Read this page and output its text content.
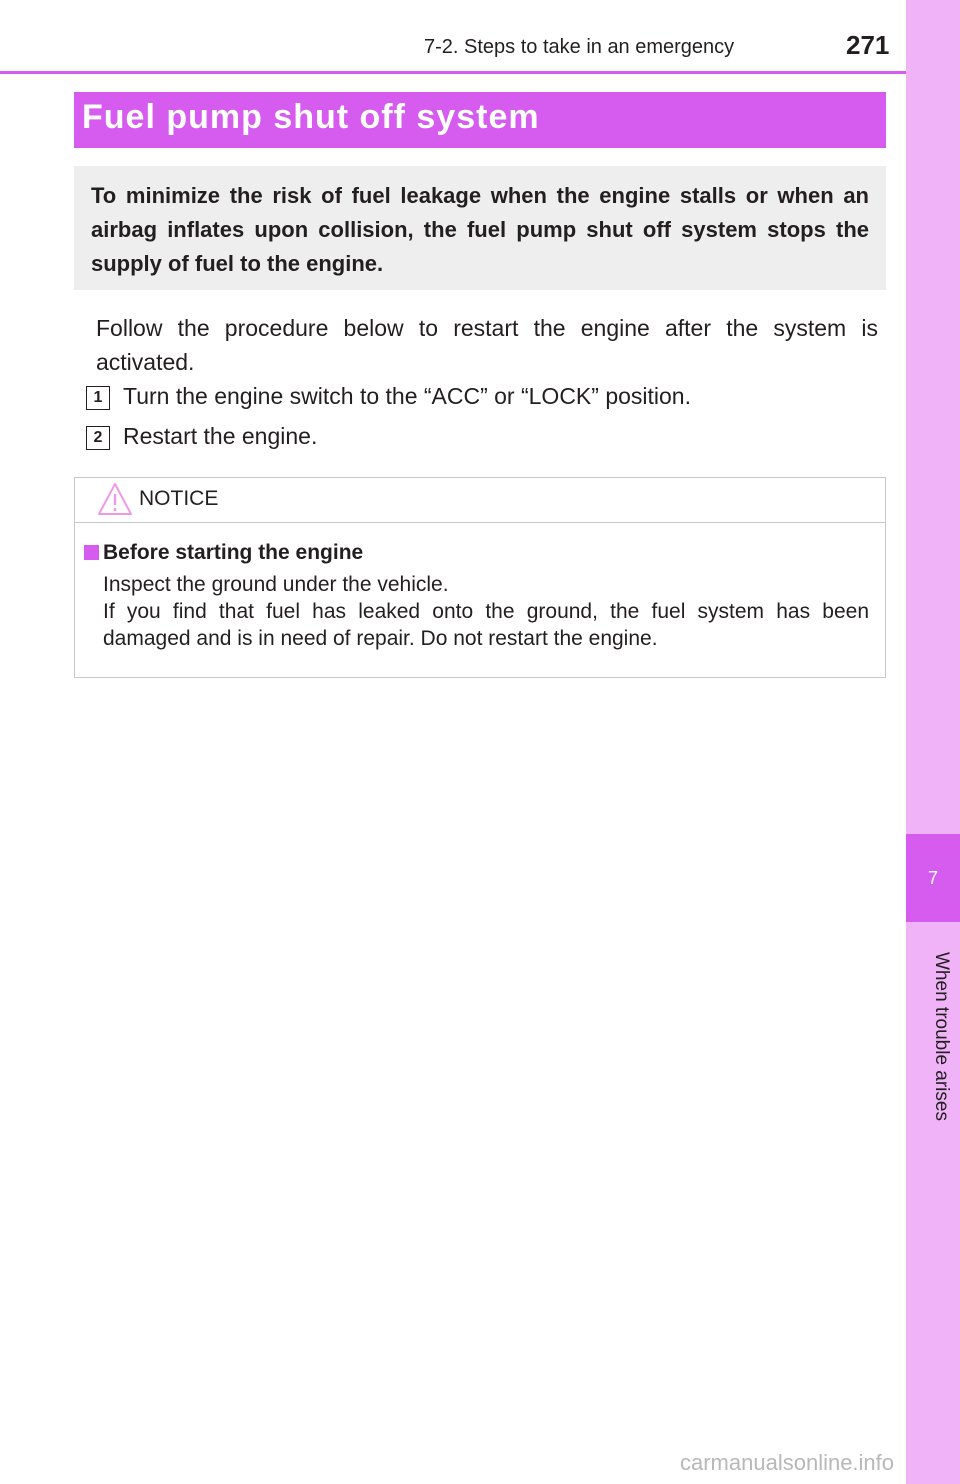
7
When trouble arises
7-2. Steps to take in an emergency	271
Fuel pump shut off system

To minimize the risk of fuel leakage when the engine stalls or when an airbag inflates upon collision, the fuel pump shut off system stops the supply of fuel to the engine.

Follow the procedure below to restart the engine after the system is activated.

1 Turn the engine switch to the “ACC” or “LOCK” position.
2 Restart the engine.
NOTICE
Before starting the engine

Inspect the ground under the vehicle.
If you find that fuel has leaked onto the ground, the fuel system has been damaged and is in need of repair. Do not restart the engine.

carmanualsonline.info
